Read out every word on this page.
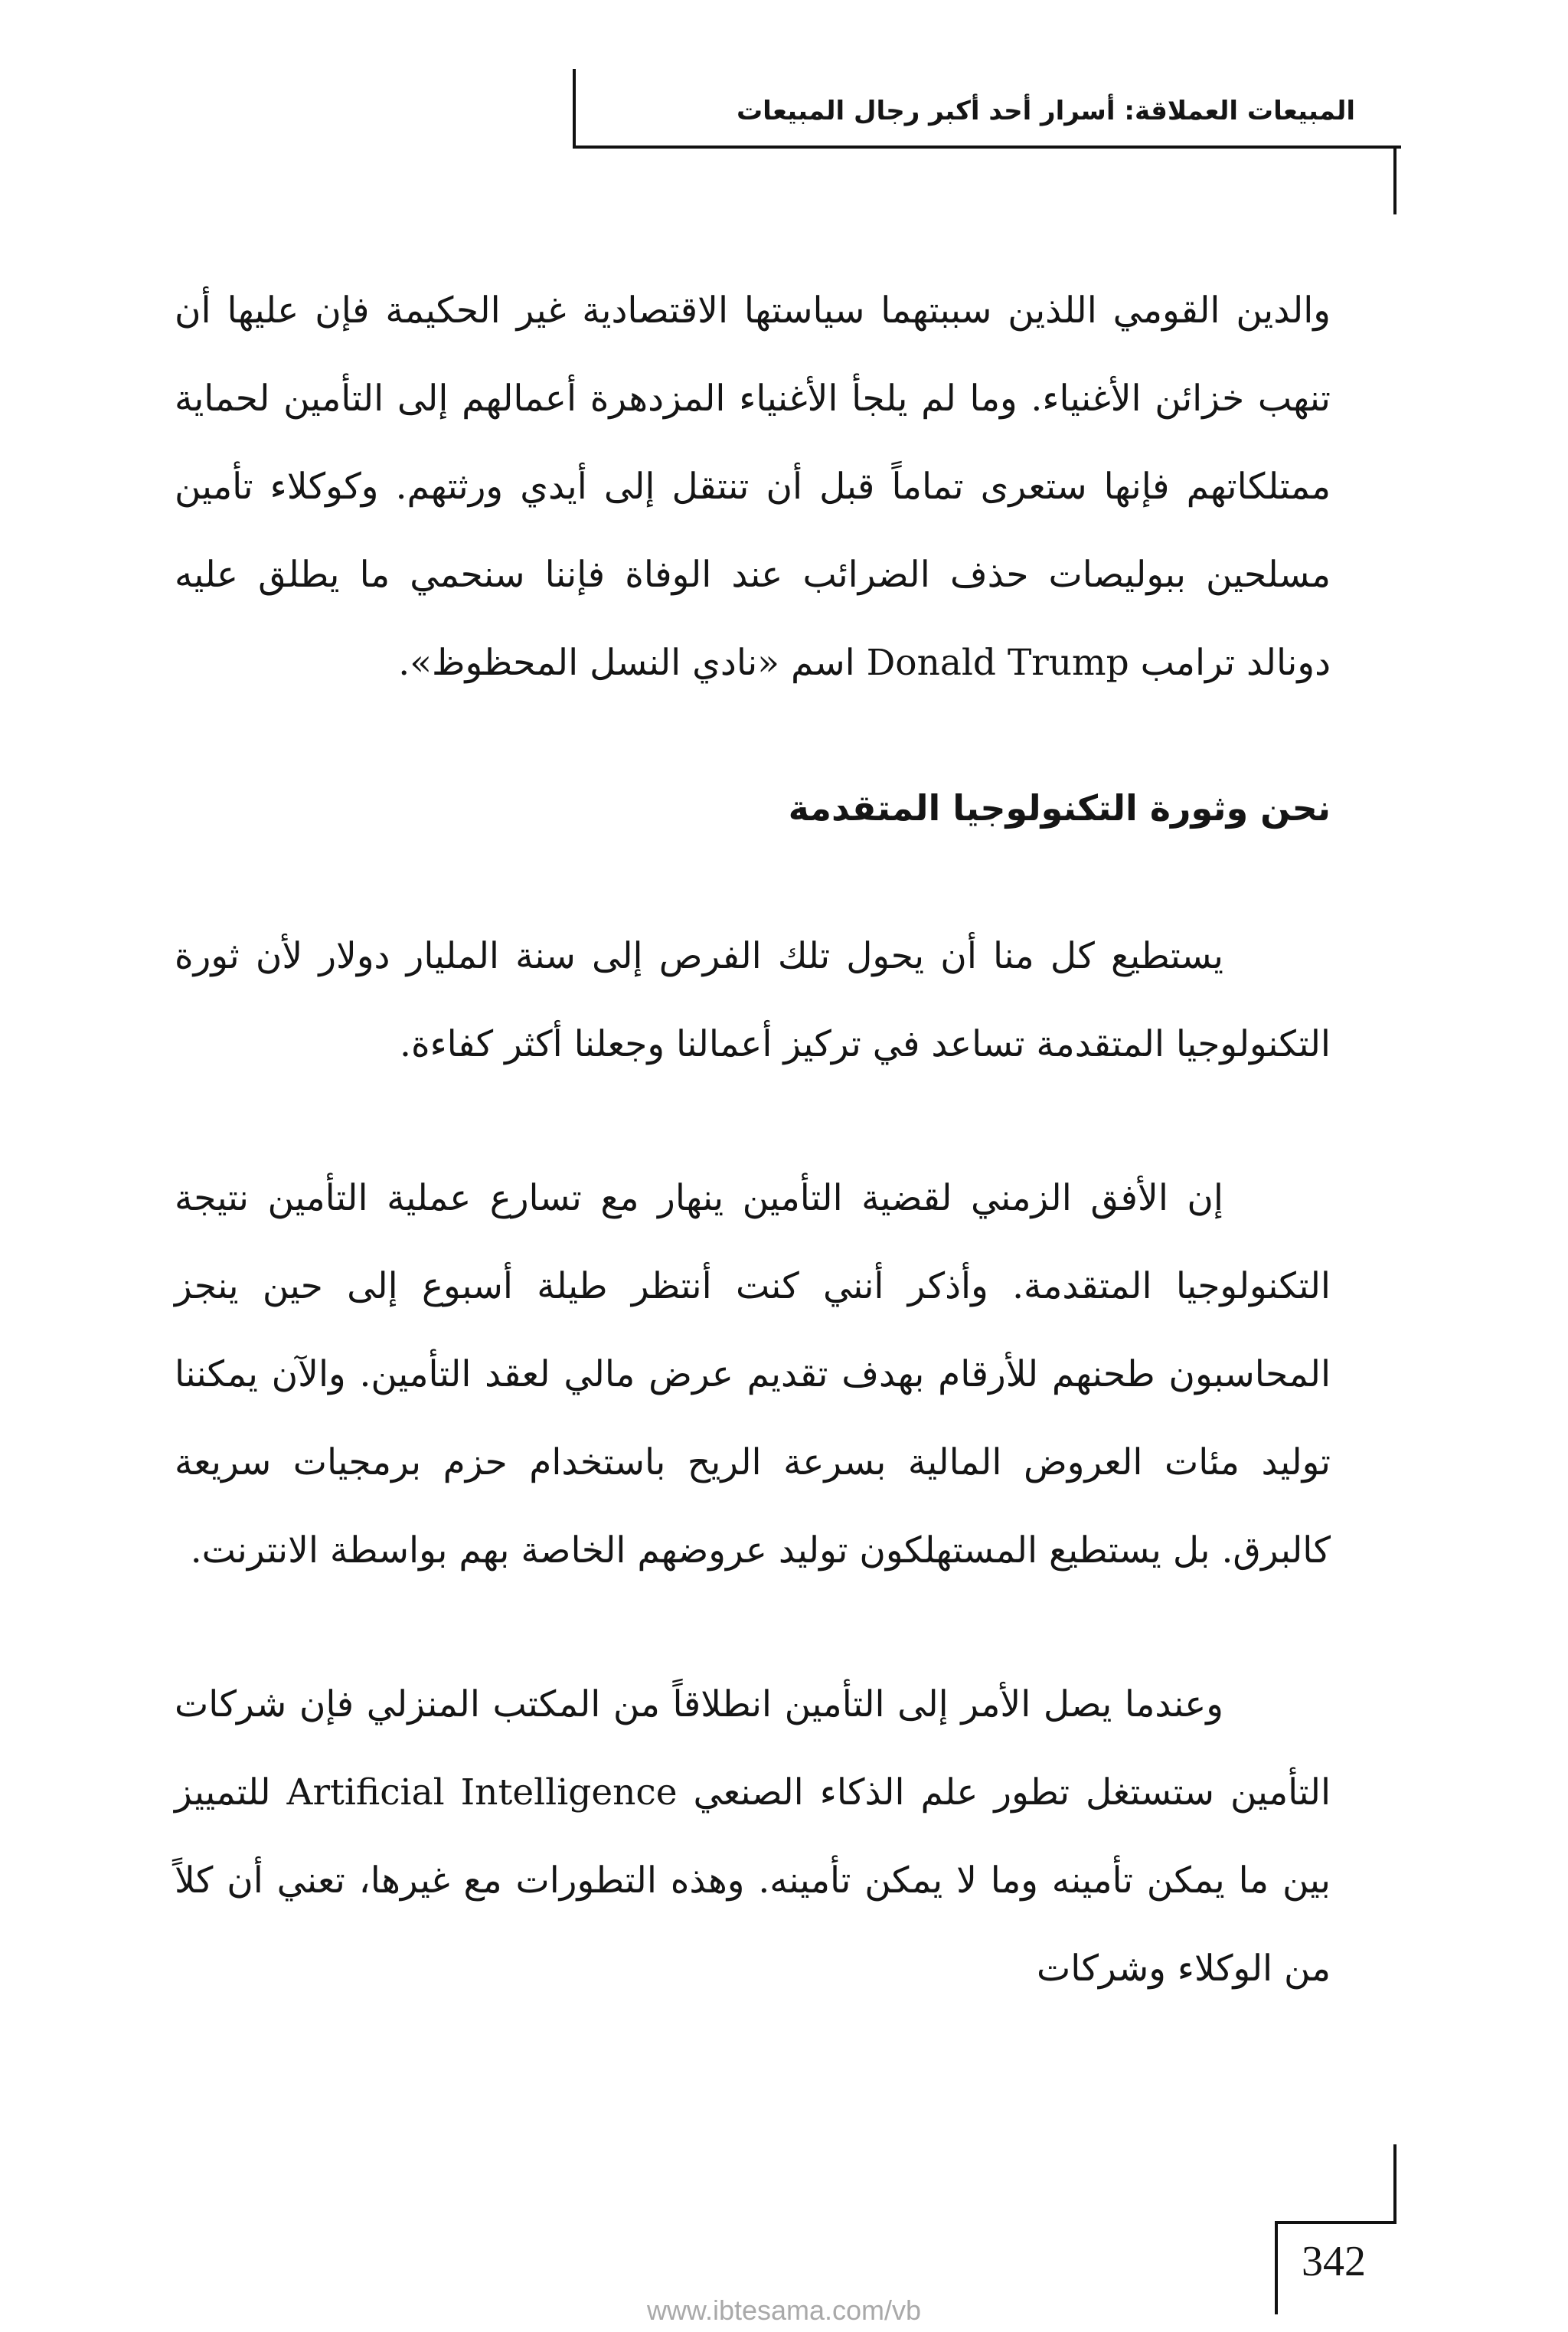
المبيعات العملاقة: أسرار أحد أكبر رجال المبيعات

والدين القومي اللذين سببتهما سياستها الاقتصادية غير الحكيمة فإن عليها أن تنهب خزائن الأغنياء. وما لم يلجأ الأغنياء المزدهرة أعمالهم إلى التأمين لحماية ممتلكاتهم فإنها ستعرى تماماً قبل أن تنتقل إلى أيدي ورثتهم. وكوكلاء تأمين مسلحين ببوليصات حذف الضرائب عند الوفاة فإننا سنحمي ما يطلق عليه دونالد ترامب Donald Trump اسم «نادي النسل المحظوظ».

نحن وثورة التكنولوجيا المتقدمة

يستطيع كل منا أن يحول تلك الفرص إلى سنة المليار دولار لأن ثورة التكنولوجيا المتقدمة تساعد في تركيز أعمالنا وجعلنا أكثر كفاءة.

إن الأفق الزمني لقضية التأمين ينهار مع تسارع عملية التأمين نتيجة التكنولوجيا المتقدمة. وأذكر أنني كنت أنتظر طيلة أسبوع إلى حين ينجز المحاسبون طحنهم للأرقام بهدف تقديم عرض مالي لعقد التأمين. والآن يمكننا توليد مئات العروض المالية بسرعة الريح باستخدام حزم برمجيات سريعة كالبرق. بل يستطيع المستهلكون توليد عروضهم الخاصة بهم بواسطة الانترنت.

وعندما يصل الأمر إلى التأمين انطلاقاً من المكتب المنزلي فإن شركات التأمين ستستغل تطور علم الذكاء الصنعي Artificial Intelligence للتمييز بين ما يمكن تأمينه وما لا يمكن تأمينه. وهذه التطورات مع غيرها، تعني أن كلاً من الوكلاء وشركات

342
www.ibtesama.com/vb
